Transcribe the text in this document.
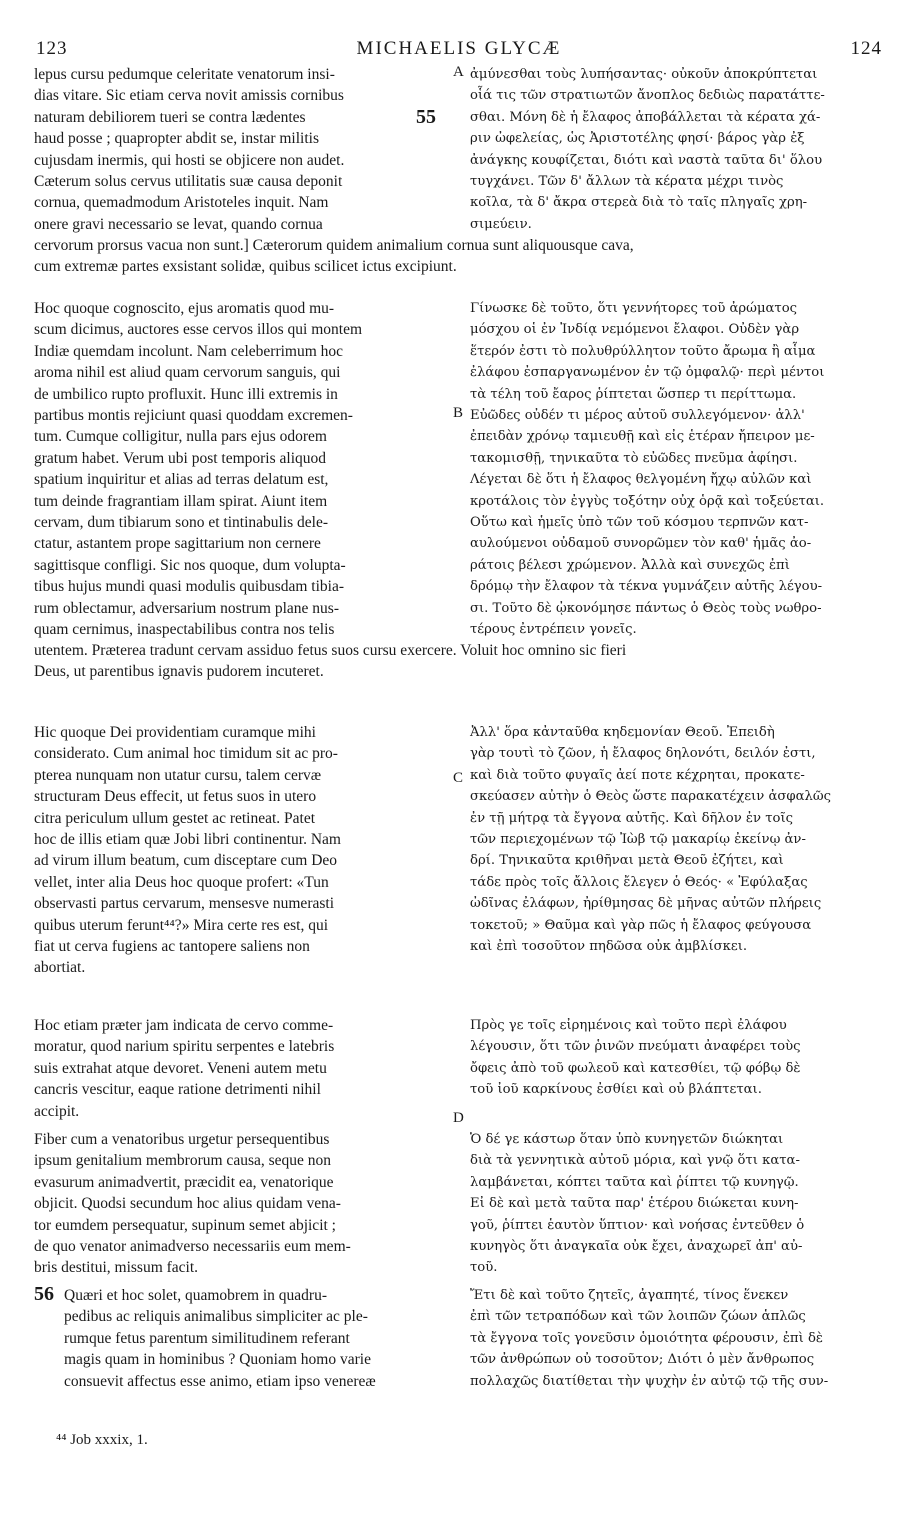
123	MICHAELIS GLYCÆ	124

lepus cursu pedumque celeritate venatorum insi-
dias vitare. Sic etiam cerva novit amissis cornibus
naturam debiliorem tueri se contra lædentes
haud posse ; quapropter abdit se, instar militis
cujusdam inermis, qui hosti se objicere non audet.
Cæterum solus cervus utilitatis suæ causa deponit
cornua, quemadmodum Aristoteles inquit. Nam
onere gravi necessario se levat, quando cornua

ἀμύνεσθαι τοὺς λυπήσαντας· οὐκοῦν ἀποκρύπτεται
οἷά τις τῶν στρατιωτῶν ἄνοπλος δεδιὼς παρατάττε-
σθαι. Μόνη δὲ ἡ ἔλαφος ἀποβάλλεται τὰ κέρατα χά-
ριν ὠφελείας, ὡς Ἀριστοτέλης φησί· βάρος γὰρ ἐξ
ἀνάγκης κουφίζεται, διότι καὶ ναστὰ ταῦτα δι' ὅλου
τυγχάνει. Τῶν δ' ἄλλων τὰ κέρατα μέχρι τινὸς
κοῖλα, τὰ δ' ἄκρα στερεὰ διὰ τὸ ταῖς πληγαῖς χρη-
σιμεύειν.

cervorum prorsus vacua non sunt.] Cæterorum quidem animalium cornua sunt aliquousque cava,
cum extremæ partes exsistant solidæ, quibus scilicet ictus excipiunt.

Hoc quoque cognoscito, ejus aromatis quod mu-
scum dicimus, auctores esse cervos illos qui montem
Indiæ quemdam incolunt. Nam celeberrimum hoc
aroma nihil est aliud quam cervorum sanguis, qui
de umbilico rupto profluxit. Hunc illi extremis in
partibus montis rejiciunt quasi quoddam excremen-
tum. Cumque colligitur, nulla pars ejus odorem
gratum habet. Verum ubi post temporis aliquod
spatium inquiritur et alias ad terras delatum est,
tum deinde fragrantiam illam spirat. Aiunt item
cervam, dum tibiarum sono et tintinabulis dele-
ctatur, astantem prope sagittarium non cernere
sagittisque confligi. Sic nos quoque, dum volupta-
tibus hujus mundi quasi modulis quibusdam tibia-
rum oblectamur, adversarium nostrum plane nus-
quam cernimus, inaspectabilibus contra nos telis

Γίνωσκε δὲ τοῦτο, ὅτι γεννήτορες τοῦ ἀρώματος
μόσχου οἱ ἐν Ἰνδίᾳ νεμόμενοι ἔλαφοι. Οὐδὲν γὰρ
ἕτερόν ἐστι τὸ πολυθρύλλητον τοῦτο ἄρωμα ἢ αἷμα
ἐλάφου ἐσπαργανωμένον ἐν τῷ ὀμφαλῷ· περὶ μέντοι
τὰ τέλη τοῦ ἔαρος ῥίπτεται ὥσπερ τι περίττωμα.
Εὐῶδες οὐδέν τι μέρος αὐτοῦ συλλεγόμενον· ἀλλ'
ἐπειδὰν χρόνῳ ταμιευθῇ καὶ εἰς ἑτέραν ἤπειρον με-
τακομισθῇ, τηνικαῦτα τὸ εὐῶδες πνεῦμα ἀφίησι.
Λέγεται δὲ ὅτι ἡ ἔλαφος θελγομένη ἤχῳ αὐλῶν καὶ
κροτάλοις τὸν ἐγγὺς τοξότην οὐχ ὁρᾷ καὶ τοξεύεται.
Οὕτω καὶ ἡμεῖς ὑπὸ τῶν τοῦ κόσμου τερπνῶν κατ-
αυλούμενοι οὐδαμοῦ συνορῶμεν τὸν καθ' ἡμᾶς ἀο-
ράτοις βέλεσι χρώμενον. Ἀλλὰ καὶ συνεχῶς ἐπὶ
δρόμῳ τὴν ἔλαφον τὰ τέκνα γυμνάζειν αὐτῆς λέγου-
σι. Τοῦτο δὲ ᾠκονόμησε πάντως ὁ Θεὸς τοὺς νωθρο-
τέρους ἐντρέπειν γονεῖς.

utentem. Præterea tradunt cervam assiduo fetus suos cursu exercere. Voluit hoc omnino sic fieri
Deus, ut parentibus ignavis pudorem incuteret.

Hic quoque Dei providentiam curamque mihi
considerato. Cum animal hoc timidum sit ac pro-
pterea nunquam non utatur cursu, talem cervæ
structuram Deus effecit, ut fetus suos in utero
citra periculum ullum gestet ac retineat. Patet
hoc de illis etiam quæ Jobi libri continentur. Nam
ad virum illum beatum, cum disceptare cum Deo
vellet, inter alia Deus hoc quoque profert: «Tun
observasti partus cervarum, mensesve numerasti
quibus uterum ferunt⁴⁴?» Mira certe res est, qui
fiat ut cerva fugiens ac tantopere saliens non
abortiat.

Ἀλλ' ὅρα κἀνταῦθα κηδεμονίαν Θεοῦ. Ἐπειδὴ
γὰρ τουτὶ τὸ ζῶον, ἡ ἔλαφος δηλονότι, δειλόν ἐστι,
καὶ διὰ τοῦτο φυγαῖς ἀεί ποτε κέχρηται, προκατε-
σκεύασεν αὐτὴν ὁ Θεὸς ὥστε παρακατέχειν ἀσφαλῶς
ἐν τῇ μήτρᾳ τὰ ἔγγονα αὐτῆς. Καὶ δῆλον ἐν τοῖς
τῶν περιεχομένων τῷ Ἰὼβ τῷ μακαρίῳ ἐκείνῳ ἀν-
δρί. Τηνικαῦτα κριθῆναι μετὰ Θεοῦ ἐζήτει, καὶ
τάδε πρὸς τοῖς ἄλλοις ἔλεγεν ὁ Θεός· « Ἐφύλαξας
ὠδῖνας ἐλάφων, ἠρίθμησας δὲ μῆνας αὐτῶν πλήρεις
τοκετοῦ; » Θαῦμα καὶ γὰρ πῶς ἡ ἔλαφος φεύγουσα
καὶ ἐπὶ τοσοῦτον πηδῶσα οὐκ ἀμβλίσκει.

Hoc etiam præter jam indicata de cervo comme-
moratur, quod narium spiritu serpentes e latebris
suis extrahat atque devoret. Veneni autem metu
cancris vescitur, eaque ratione detrimenti nihil
accipit.

Πρὸς γε τοῖς εἰρημένοις καὶ τοῦτο περὶ ἐλάφου
λέγουσιν, ὅτι τῶν ῥινῶν πνεύματι ἀναφέρει τοὺς
ὄφεις ἀπὸ τοῦ φωλεοῦ καὶ κατεσθίει, τῷ φόβῳ δὲ
τοῦ ἰοῦ καρκίνους ἐσθίει καὶ οὐ βλάπτεται.

Fiber cum a venatoribus urgetur persequentibus
ipsum genitalium membrorum causa, seque non
evasurum animadvertit, præcidit ea, venatorique
objicit. Quodsi secundum hoc alius quidam vena-
tor eumdem persequatur, supinum semet abjicit ;
de quo venator animadverso necessariis eum mem-
bris destitui, missum facit.

Ὁ δέ γε κάστωρ ὅταν ὑπὸ κυνηγετῶν διώκηται
διὰ τὰ γεννητικὰ αὐτοῦ μόρια, καὶ γνῷ ὅτι κατα-
λαμβάνεται, κόπτει ταῦτα καὶ ῥίπτει τῷ κυνηγῷ.
Εἰ δὲ καὶ μετὰ ταῦτα παρ' ἑτέρου διώκεται κυνη-
γοῦ, ῥίπτει ἑαυτὸν ὕπτιον· καὶ νοήσας ἐντεῦθεν ὁ
κυνηγὸς ὅτι ἀναγκαῖα οὐκ ἔχει, ἀναχωρεῖ ἀπ' αὐ-
τοῦ.

Quæri et hoc solet, quamobrem in quadru-
pedibus ac reliquis animalibus simpliciter ac ple-
rumque fetus parentum similitudinem referant
magis quam in hominibus ? Quoniam homo varie
consuevit affectus esse animo, etiam ipso venereæ

Ἔτι δὲ καὶ τοῦτο ζητεῖς, ἀγαπητέ, τίνος ἕνεκεν
ἐπὶ τῶν τετραπόδων καὶ τῶν λοιπῶν ζώων ἁπλῶς
τὰ ἔγγονα τοῖς γονεῦσιν ὁμοιότητα φέρουσιν, ἐπὶ δὲ
τῶν ἀνθρώπων οὐ τοσοῦτον; Διότι ὁ μὲν ἄνθρωπος
πολλαχῶς διατίθεται τὴν ψυχὴν ἐν αὐτῷ τῷ τῆς συν-

A
B
C
D
55
56
⁴⁴ Job xxxix, 1.
